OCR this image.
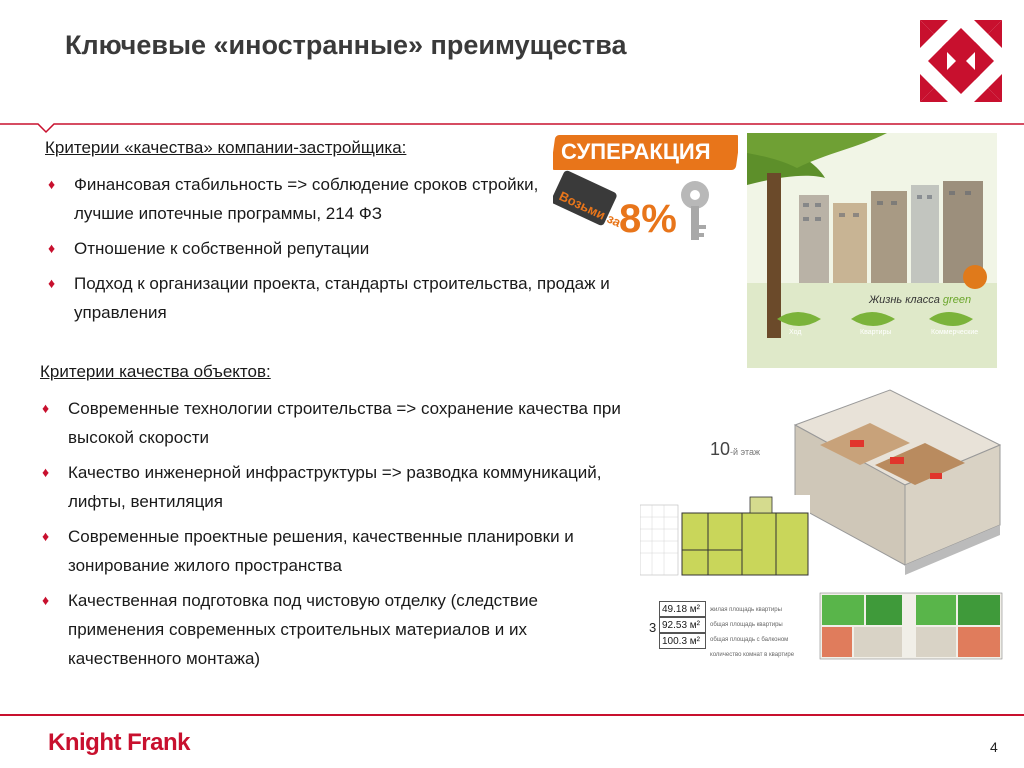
Ключевые «иностранные» преимущества
Критерии «качества» компании-застройщика:
♦ Финансовая стабильность => соблюдение сроков стройки, лучшие ипотечные программы, 214 ФЗ
♦ Отношение к собственной репутации
♦ Подход к организации проекта, стандарты строительства, продаж и управления
Критерии качества объектов:
♦ Современные технологии строительства => сохранение качества при высокой скорости
♦ Качество инженерной инфраструктуры => разводка коммуникаций, лифты, вентиляция
♦ Современные проектные решения, качественные планировки и зонирование жилого пространства
♦ Качественная подготовка под чистовую отделку (следствие применения современных строительных материалов и их качественного монтажа)
СУПЕРАКЦИЯ
Возьми за
8%
Жизнь класса green
Ход	Квартиры	Коммерческие
10-й этаж
3
49.18 м²
92.53 м²
100.3 м²
жилая площадь квартиры
общая площадь квартиры
общая площадь с балконом
количество комнат в квартире
Knight Frank	4
